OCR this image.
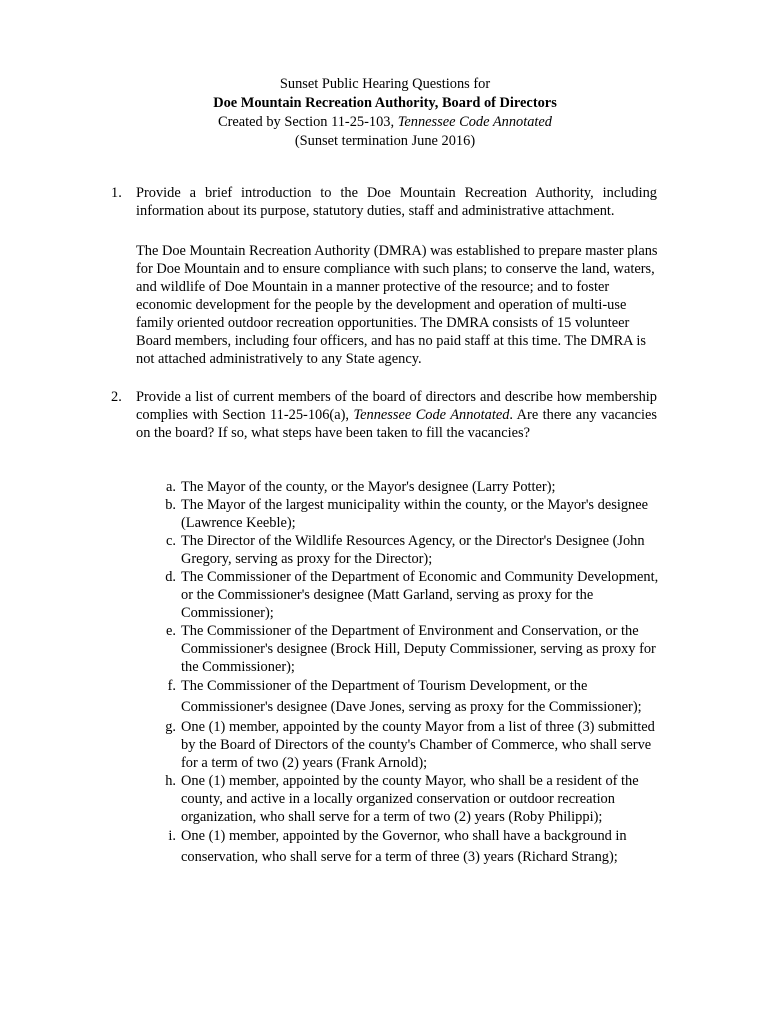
Sunset Public Hearing Questions for
Doe Mountain Recreation Authority, Board of Directors
Created by Section 11-25-103, Tennessee Code Annotated
(Sunset termination June 2016)
1. Provide a brief introduction to the Doe Mountain Recreation Authority, including information about its purpose, statutory duties, staff and administrative attachment.

The Doe Mountain Recreation Authority (DMRA) was established to prepare master plans for Doe Mountain and to ensure compliance with such plans; to conserve the land, waters, and wildlife of Doe Mountain in a manner protective of the resource; and to foster economic development for the people by the development and operation of multi-use family oriented outdoor recreation opportunities. The DMRA consists of 15 volunteer Board members, including four officers, and has no paid staff at this time. The DMRA is not attached administratively to any State agency.

2. Provide a list of current members of the board of directors and describe how membership complies with Section 11-25-106(a), Tennessee Code Annotated. Are there any vacancies on the board? If so, what steps have been taken to fill the vacancies?
a. The Mayor of the county, or the Mayor's designee (Larry Potter);
b. The Mayor of the largest municipality within the county, or the Mayor's designee (Lawrence Keeble);
c. The Director of the Wildlife Resources Agency, or the Director's Designee (John Gregory, serving as proxy for the Director);
d. The Commissioner of the Department of Economic and Community Development, or the Commissioner's designee (Matt Garland, serving as proxy for the Commissioner);
e. The Commissioner of the Department of Environment and Conservation, or the Commissioner's designee (Brock Hill, Deputy Commissioner, serving as proxy for the Commissioner);
f. The Commissioner of the Department of Tourism Development, or the Commissioner's designee (Dave Jones, serving as proxy for the Commissioner);
g. One (1) member, appointed by the county Mayor from a list of three (3) submitted by the Board of Directors of the county's Chamber of Commerce, who shall serve for a term of two (2) years (Frank Arnold);
h. One (1) member, appointed by the county Mayor, who shall be a resident of the county, and active in a locally organized conservation or outdoor recreation organization, who shall serve for a term of two (2) years (Roby Philippi);
i. One (1) member, appointed by the Governor, who shall have a background in conservation, who shall serve for a term of three (3) years (Richard Strang);
